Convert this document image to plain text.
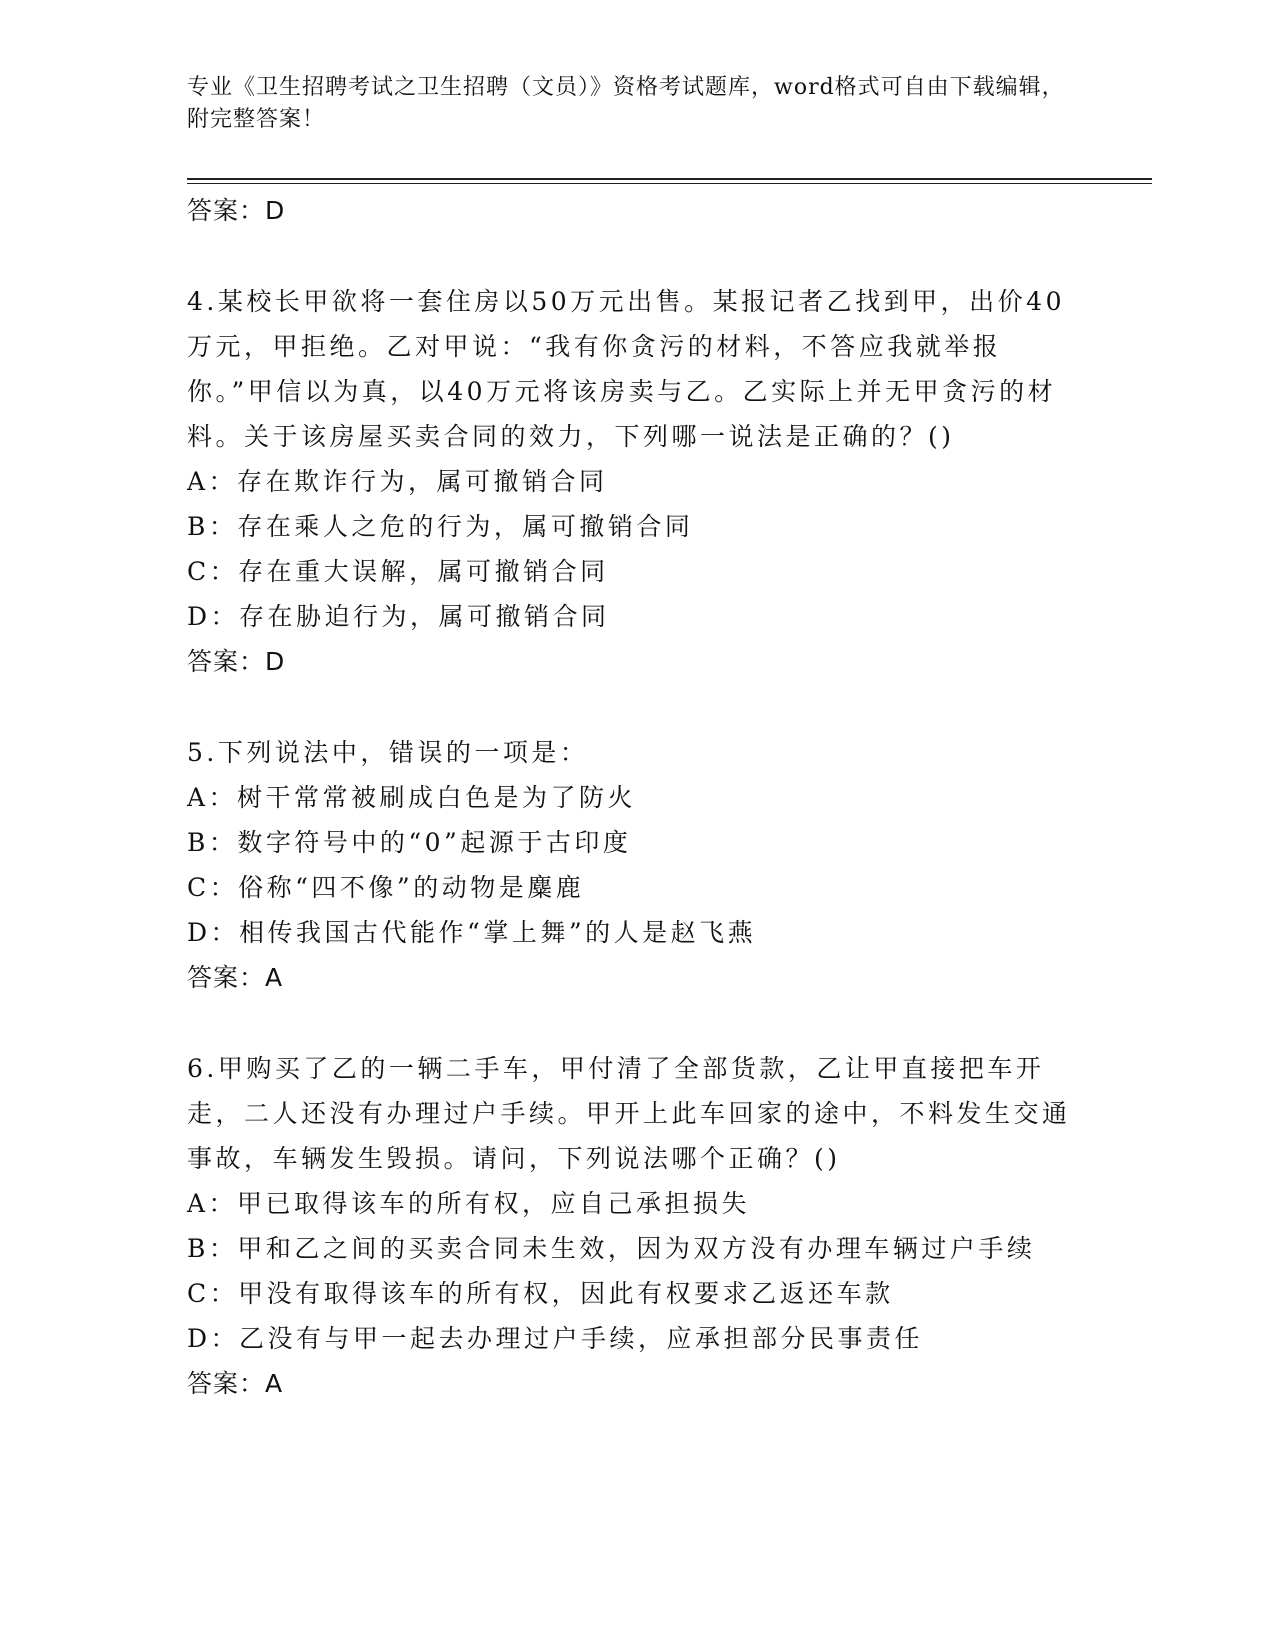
专业《卫生招聘考试之卫生招聘（文员）》资格考试题库，word格式可自由下载编辑，附完整答案！
答案：D

4.某校长甲欲将一套住房以50万元出售。某报记者乙找到甲，出价40万元，甲拒绝。乙对甲说：“我有你贪污的材料，不答应我就举报你。”甲信以为真，以40万元将该房卖与乙。乙实际上并无甲贪污的材料。关于该房屋买卖合同的效力，下列哪一说法是正确的？()

A：存在欺诈行为，属可撤销合同
B：存在乘人之危的行为，属可撤销合同
C：存在重大误解，属可撤销合同
D：存在胁迫行为，属可撤销合同
答案：D

5.下列说法中，错误的一项是：

A：树干常常被刷成白色是为了防火
B：数字符号中的“0”起源于古印度
C：俗称“四不像”的动物是麋鹿
D：相传我国古代能作“掌上舞”的人是赵飞燕
答案：A

6.甲购买了乙的一辆二手车，甲付清了全部货款，乙让甲直接把车开走，二人还没有办理过户手续。甲开上此车回家的途中，不料发生交通事故，车辆发生毁损。请问，下列说法哪个正确？()

A：甲已取得该车的所有权，应自己承担损失
B：甲和乙之间的买卖合同未生效，因为双方没有办理车辆过户手续
C：甲没有取得该车的所有权，因此有权要求乙返还车款
D：乙没有与甲一起去办理过户手续，应承担部分民事责任
答案：A
